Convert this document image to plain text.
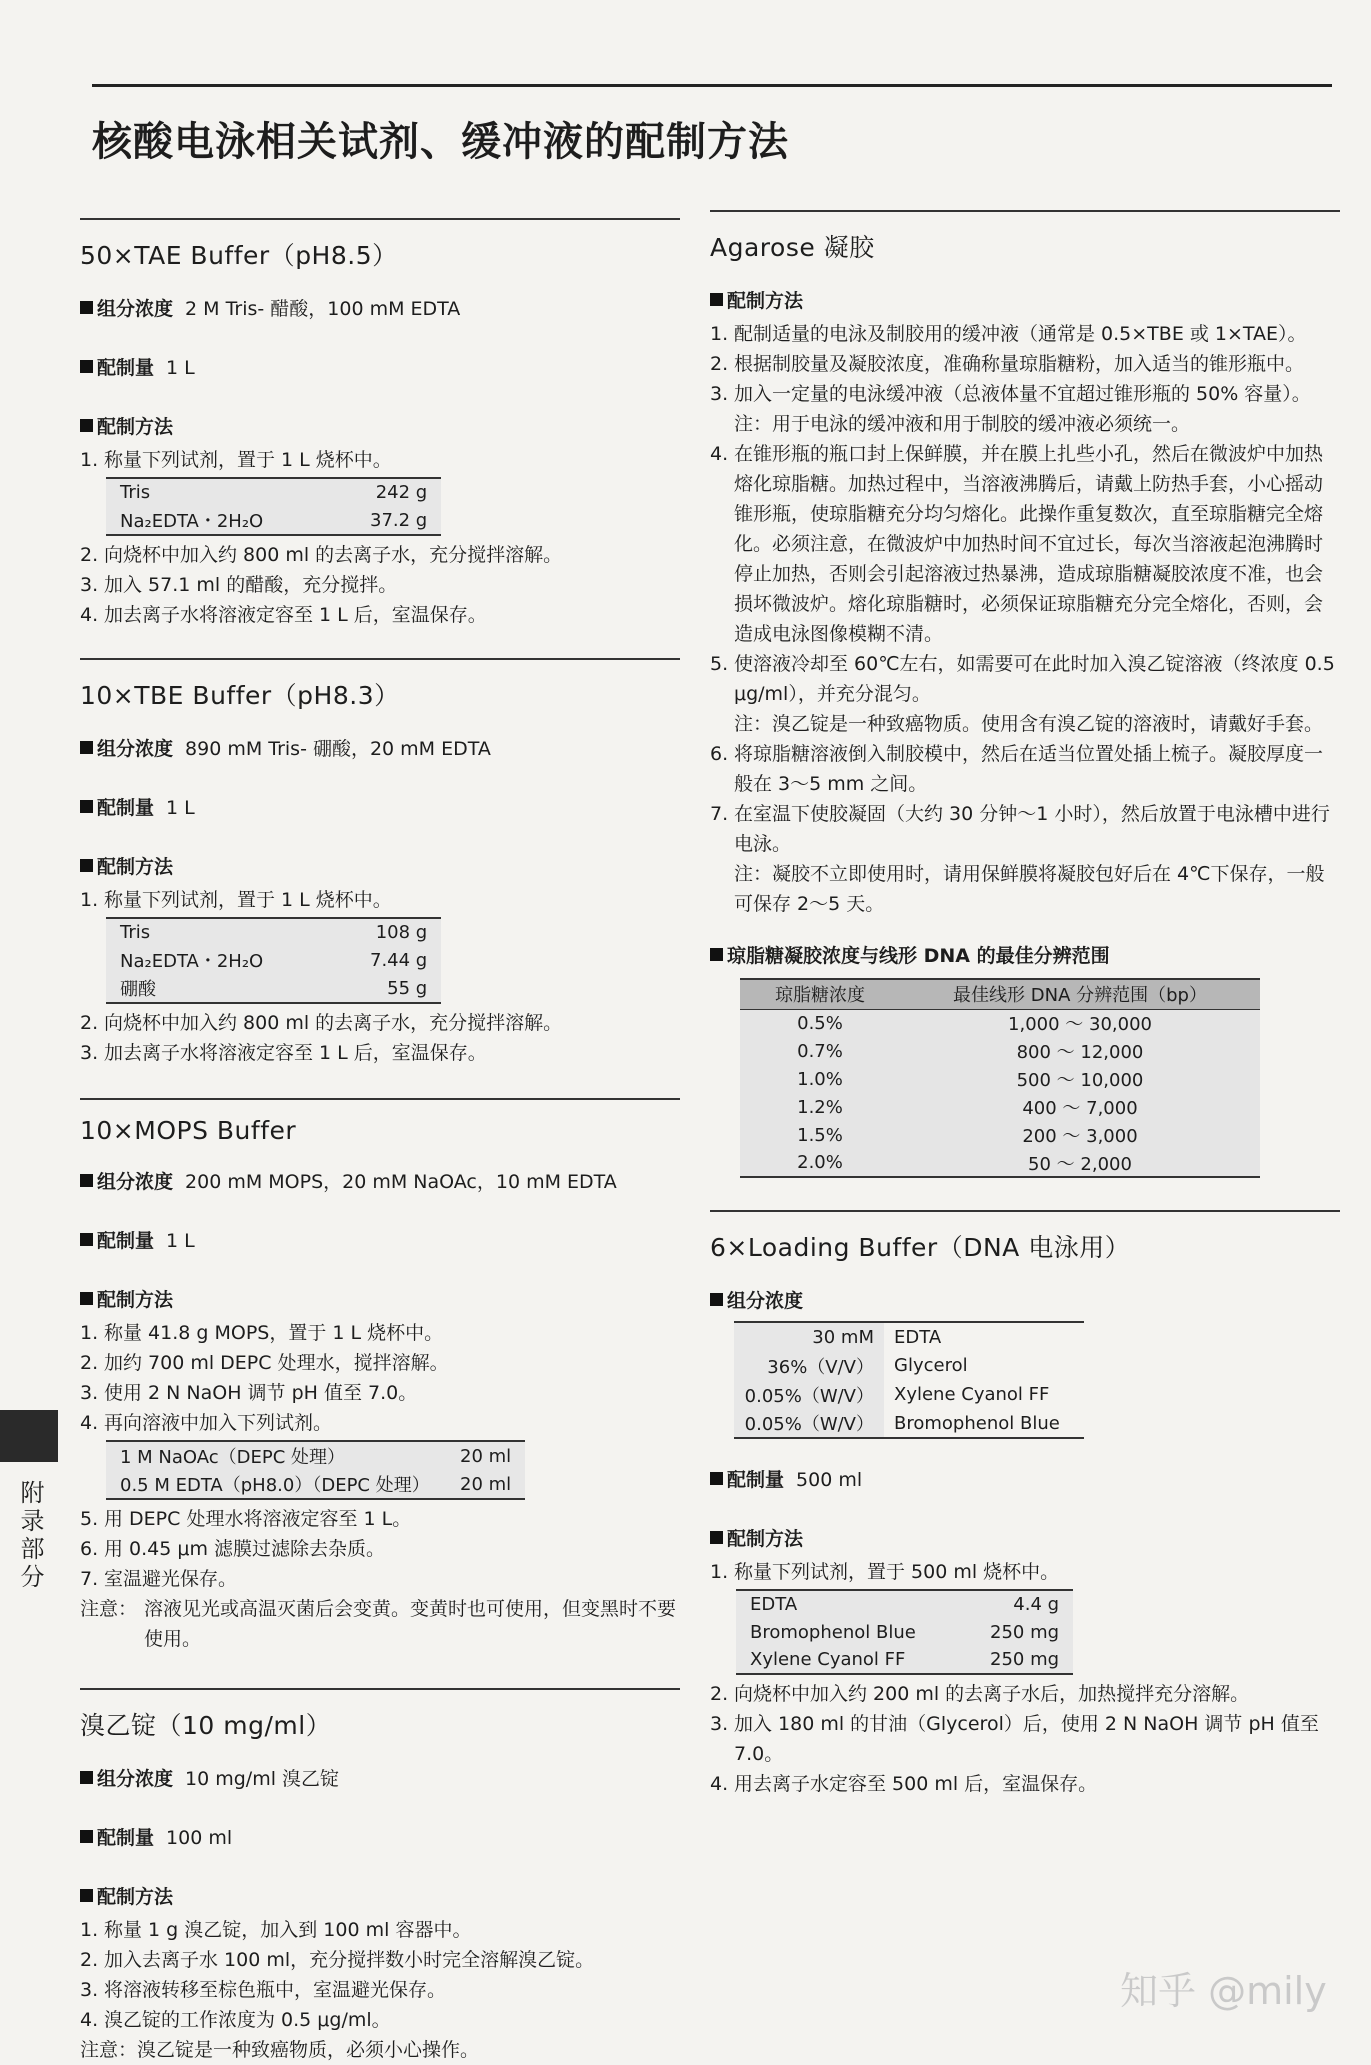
核酸电泳相关试剂、缓冲液的配制方法
附录部分
50×TAE Buffer（pH8.5）
组分浓度 2 M Tris- 醋酸，100 mM EDTA
配制量 1 L
配制方法
1. 称量下列试剂，置于 1 L 烧杯中。
Tris	242 g
Na₂EDTA・2H₂O	37.2 g
2. 向烧杯中加入约 800 ml 的去离子水，充分搅拌溶解。
3. 加入 57.1 ml 的醋酸，充分搅拌。
4. 加去离子水将溶液定容至 1 L 后，室温保存。
10×TBE Buffer（pH8.3）
组分浓度 890 mM Tris- 硼酸，20 mM EDTA
配制量 1 L
配制方法
1. 称量下列试剂，置于 1 L 烧杯中。
Tris	108 g
Na₂EDTA・2H₂O	7.44 g
硼酸	55 g
2. 向烧杯中加入约 800 ml 的去离子水，充分搅拌溶解。
3. 加去离子水将溶液定容至 1 L 后，室温保存。
10×MOPS Buffer
组分浓度 200 mM MOPS，20 mM NaOAc，10 mM EDTA
配制量 1 L
配制方法
1. 称量 41.8 g MOPS，置于 1 L 烧杯中。
2. 加约 700 ml DEPC 处理水，搅拌溶解。
3. 使用 2 N NaOH 调节 pH 值至 7.0。
4. 再向溶液中加入下列试剂。
1 M NaOAc（DEPC 处理）	20 ml
0.5 M EDTA（pH8.0）（DEPC 处理）	20 ml
5. 用 DEPC 处理水将溶液定容至 1 L。
6. 用 0.45 μm 滤膜过滤除去杂质。
7. 室温避光保存。
注意： 溶液见光或高温灭菌后会变黄。变黄时也可使用，但变黑时不要使用。
溴乙锭（10 mg/ml）
组分浓度 10 mg/ml 溴乙锭
配制量 100 ml
配制方法
1. 称量 1 g 溴乙锭，加入到 100 ml 容器中。
2. 加入去离子水 100 ml，充分搅拌数小时完全溶解溴乙锭。
3. 将溶液转移至棕色瓶中，室温避光保存。
4. 溴乙锭的工作浓度为 0.5 μg/ml。
注意：溴乙锭是一种致癌物质，必须小心操作。
Agarose 凝胶
配制方法
1. 配制适量的电泳及制胶用的缓冲液（通常是 0.5×TBE 或 1×TAE）。
2. 根据制胶量及凝胶浓度，准确称量琼脂糖粉，加入适当的锥形瓶中。
3. 加入一定量的电泳缓冲液（总液体量不宜超过锥形瓶的 50% 容量）。
注：用于电泳的缓冲液和用于制胶的缓冲液必须统一。
4. 在锥形瓶的瓶口封上保鲜膜，并在膜上扎些小孔，然后在微波炉中加热熔化琼脂糖。加热过程中，当溶液沸腾后，请戴上防热手套，小心摇动锥形瓶，使琼脂糖充分均匀熔化。此操作重复数次，直至琼脂糖完全熔化。必须注意，在微波炉中加热时间不宜过长，每次当溶液起泡沸腾时停止加热，否则会引起溶液过热暴沸，造成琼脂糖凝胶浓度不准，也会损坏微波炉。熔化琼脂糖时，必须保证琼脂糖充分完全熔化，否则，会造成电泳图像模糊不清。
5. 使溶液冷却至 60℃左右，如需要可在此时加入溴乙锭溶液（终浓度 0.5 μg/ml），并充分混匀。
注：溴乙锭是一种致癌物质。使用含有溴乙锭的溶液时，请戴好手套。
6. 将琼脂糖溶液倒入制胶模中，然后在适当位置处插上梳子。凝胶厚度一般在 3～5 mm 之间。
7. 在室温下使胶凝固（大约 30 分钟～1 小时），然后放置于电泳槽中进行电泳。
注：凝胶不立即使用时，请用保鲜膜将凝胶包好后在 4℃下保存，一般可保存 2～5 天。
琼脂糖凝胶浓度与线形 DNA 的最佳分辨范围
琼脂糖浓度	最佳线形 DNA 分辨范围（bp）
0.5%	1,000 ～ 30,000
0.7%	800 ～ 12,000
1.0%	500 ～ 10,000
1.2%	400 ～ 7,000
1.5%	200 ～ 3,000
2.0%	50 ～ 2,000
6×Loading Buffer（DNA 电泳用）
组分浓度
30 mM	EDTA
36%（V/V）	Glycerol
0.05%（W/V）	Xylene Cyanol FF
0.05%（W/V）	Bromophenol Blue
配制量 500 ml
配制方法
1. 称量下列试剂，置于 500 ml 烧杯中。
EDTA	4.4 g
Bromophenol Blue	250 mg
Xylene Cyanol FF	250 mg
2. 向烧杯中加入约 200 ml 的去离子水后，加热搅拌充分溶解。
3. 加入 180 ml 的甘油（Glycerol）后，使用 2 N NaOH 调节 pH 值至 7.0。
4. 用去离子水定容至 500 ml 后，室温保存。
知乎 @mily
